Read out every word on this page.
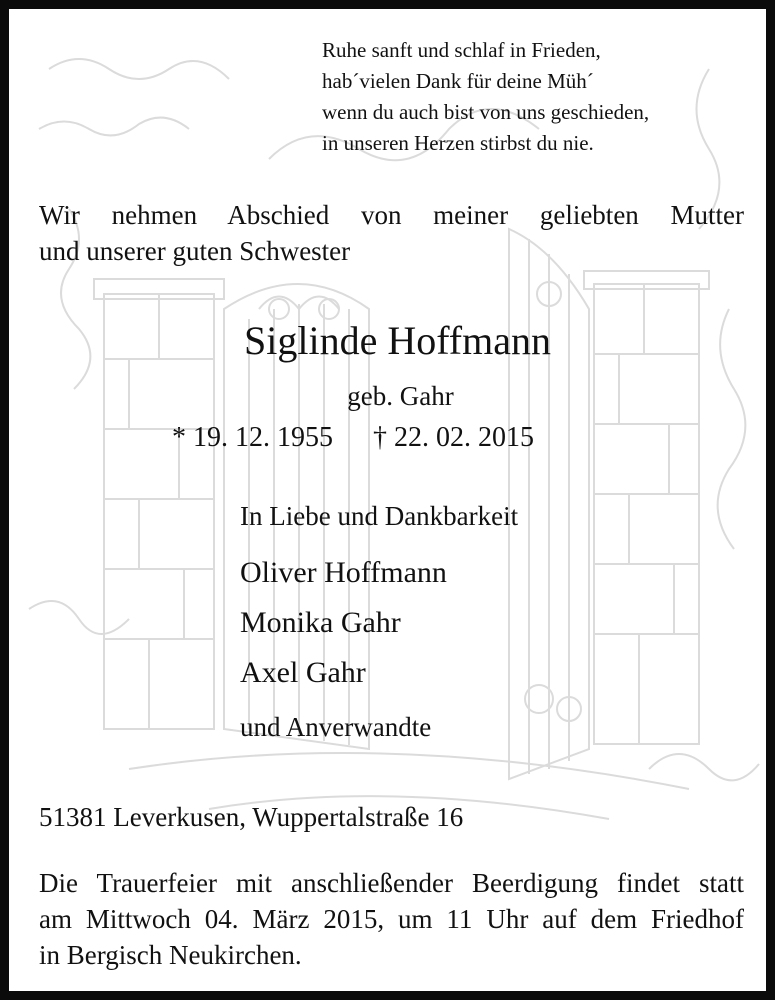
Ruhe sanft und schlaf in Frieden,
hab´vielen Dank für deine Müh´
wenn du auch bist von uns geschieden,
in unseren Herzen stirbst du nie.
Wir nehmen Abschied von meiner geliebten Mutter
und unserer guten Schwester
Siglinde Hoffmann
geb. Gahr
* 19. 12. 1955 † 22. 02. 2015
In Liebe und Dankbarkeit
Oliver Hoffmann
Monika Gahr
Axel Gahr
und Anverwandte
51381 Leverkusen, Wuppertalstraße 16
Die Trauerfeier mit anschließender Beerdigung findet statt
am Mittwoch 04. März 2015, um 11 Uhr auf dem Friedhof
in Bergisch Neukirchen.
